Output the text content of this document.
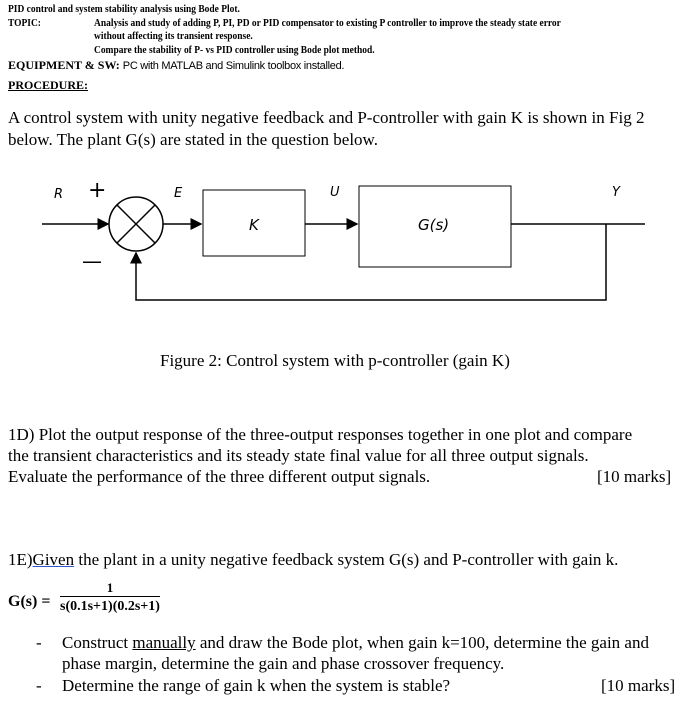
PID control and system stability analysis using Bode Plot.
TOPIC:	Analysis and study of adding P, PI, PD or PID compensator to existing P controller to improve the steady state error
without affecting its transient response.
Compare the stability of P- vs PID controller using Bode plot method.
EQUIPMENT & SW: PC with MATLAB and Simulink toolbox installed.
PROCEDURE:
A control system with unity negative feedback and P-controller with gain K is shown in Fig 2
below. The plant G(s) are stated in the question below.
R +
—
E	U	Y
K	G(s)
Figure 2: Control system with p-controller (gain K)
1D) Plot the output response of the three-output responses together in one plot and compare
the transient characteristics and its steady state final value for all three output signals.
Evaluate the performance of the three different output signals.	[10 marks]
1E)Given the plant in a unity negative feedback system G(s) and P-controller with gain k.
$G(s) = \frac{1}{s(0.1s+1)(0.2s+1)}$
- Construct manually and draw the Bode plot, when gain k=100, determine the gain and
phase margin, determine the gain and phase crossover frequency.
- Determine the range of gain k when the system is stable?	[10 marks]
